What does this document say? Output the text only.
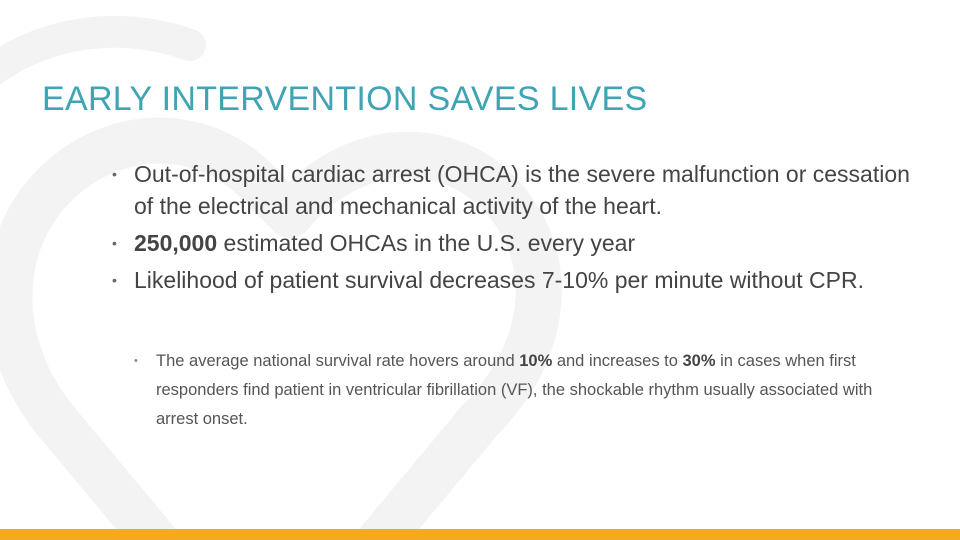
EARLY INTERVENTION SAVES LIVES
• Out-of-hospital cardiac arrest (OHCA) is the severe malfunction or cessation of the electrical and mechanical activity of the heart.
• 250,000 estimated OHCAs in the U.S. every year
• Likelihood of patient survival decreases 7-10% per minute without CPR.
• The average national survival rate hovers around 10% and increases to 30% in cases when first responders find patient in ventricular fibrillation (VF), the shockable rhythm usually associated with arrest onset.
